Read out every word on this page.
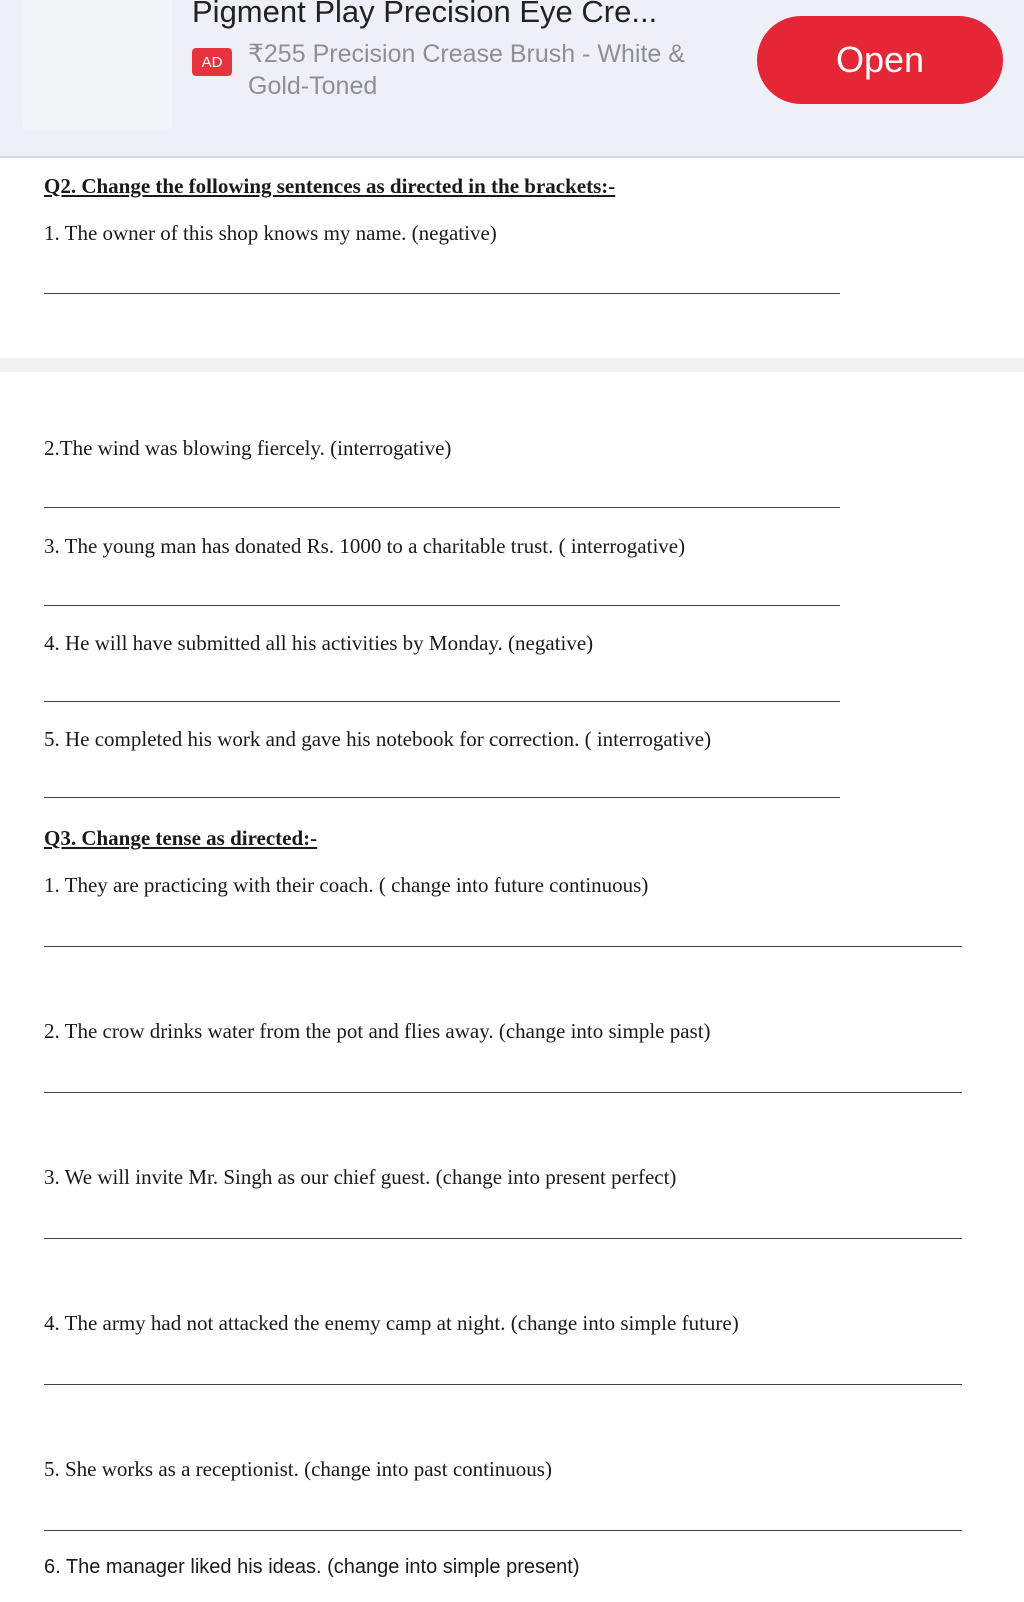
Pigment Play Precision Eye Cre...
AD	₹255 Precision Crease Brush - White & Gold-Toned
Open
Q2. Change the following sentences as directed in the brackets:-
1. The owner of this shop knows my name. (negative)
2.The wind was blowing fiercely. (interrogative)
3. The young man has donated Rs. 1000 to a charitable trust. ( interrogative)
4. He will have submitted all his activities by Monday. (negative)
5. He completed his work and gave his notebook for correction. ( interrogative)
Q3. Change tense as directed:-
1. They are practicing with their coach. ( change into future continuous)
2. The crow drinks water from the pot and flies away. (change into simple past)
3. We will invite Mr. Singh as our chief guest. (change into present perfect)
4. The army had not attacked the enemy camp at night. (change into simple future)
5. She works as a receptionist. (change into past continuous)
6. The manager liked his ideas. (change into simple present)
